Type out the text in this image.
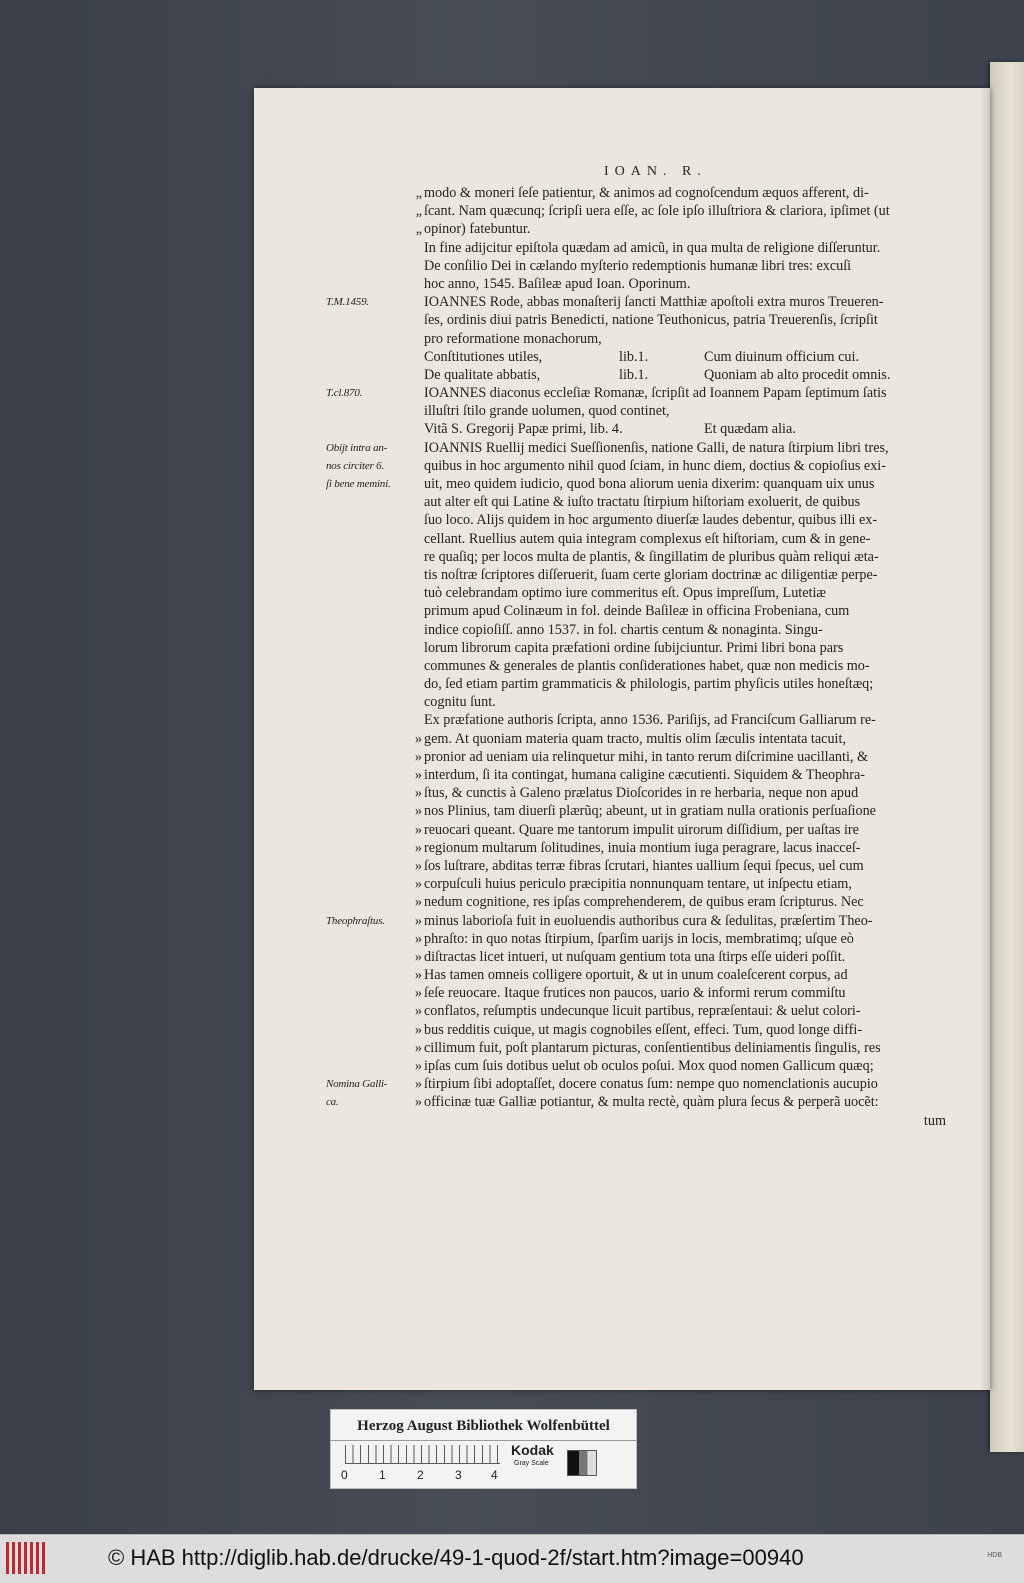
IOAN. R.
„ modo & moneri ſeſe patientur, & animos ad cognoſcendum æquos afferent, di-
„ ſcant. Nam quæcunq; ſcripſi uera eſſe, ac ſole ipſo illuſtriora & clariora, ipſimet (ut
„ opinor) fatebuntur.
In fine adijcitur epiſtola quædam ad amicũ, in qua multa de religione diſſeruntur.
De conſilio Dei in cælando myſterio redemptionis humanæ libri tres: excuſi
hoc anno, 1545. Baſileæ apud Ioan. Oporinum.
T.M.1459.	IOANNES Rode, abbas monaſterij ſancti Matthiæ apoſtoli extra muros Treueren-
ſes, ordinis diui patris Benedicti, natione Teuthonicus, patria Treuerenſis, ſcripſit
pro reformatione monachorum,
Conſtitutiones utiles,	lib.1.	Cum diuinum officium cui.
De qualitate abbatis,	lib.1.	Quoniam ab alto procedit omnis.
T.cl.870.	IOANNES diaconus eccleſiæ Romanæ, ſcripſit ad Ioannem Papam ſeptimum ſatis
illuſtri ſtilo grande uolumen, quod continet,
Vitã S. Gregorij Papæ primi, lib. 4.	Et quædam alia.
Obijt intra an-	IOANNIS Ruellij medici Sueſſionenſis, natione Galli, de natura ſtirpium libri tres,
nos circiter 6.	quibus in hoc argumento nihil quod ſciam, in hunc diem, doctius & copioſius exi-
ſi bene memini. uit, meo quidem iudicio, quod bona aliorum uenia dixerim: quanquam uix unus
aut alter eſt qui Latine & iuſto tractatu ſtirpium hiſtoriam exoluerit, de quibus
ſuo loco. Alijs quidem in hoc argumento diuerſæ laudes debentur, quibus illi ex-
cellant. Ruellius autem quia integram complexus eſt hiſtoriam, cum & in gene-
re quaſiq; per locos multa de plantis, & ſingillatim de pluribus quàm reliqui æta-
tis noſtræ ſcriptores diſſeruerit, ſuam certe gloriam doctrinæ ac diligentiæ perpe-
tuò celebrandam optimo iure commeritus eſt. Opus impreſſum, Lutetiæ
primum apud Colinæum in fol. deinde Baſileæ in officina Frobeniana, cum
indice copioſiſſ. anno 1537. in fol. chartis centum & nonaginta. Singu-
lorum librorum capita præfationi ordine ſubijciuntur. Primi libri bona pars
communes & generales de plantis conſiderationes habet, quæ non medicis mo-
do, ſed etiam partim grammaticis & philologis, partim phyſicis utiles honeſtæq;
cognitu ſunt.
Ex præfatione authoris ſcripta, anno 1536. Pariſijs, ad Franciſcum Galliarum re-
» gem. At quoniam materia quam tracto, multis olim ſæculis intentata tacuit,
» pronior ad ueniam uia relinquetur mihi, in tanto rerum diſcrimine uacillanti, &
» interdum, ſi ita contingat, humana caligine cæcutienti. Siquidem & Theophra-
» ſtus, & cunctis à Galeno prælatus Dioſcorides in re herbaria, neque non apud
» nos Plinius, tam diuerſi plærũq; abeunt, ut in gratiam nulla orationis perſuaſione
» reuocari queant. Quare me tantorum impulit uirorum diſſidium, per uaſtas ire
» regionum multarum ſolitudines, inuia montium iuga peragrare, lacus inacceſ-
» ſos luſtrare, abditas terræ fibras ſcrutari, hiantes uallium ſequi ſpecus, uel cum
» corpuſculi huius periculo præcipitia nonnunquam tentare, ut inſpectu etiam,
» nedum cognitione, res ipſas comprehenderem, de quibus eram ſcripturus. Nec
Theophraſtus.	» minus laborioſa fuit in euoluendis authoribus cura & ſedulitas, præſertim Theo-
» phraſto: in quo notas ſtirpium, ſparſim uarijs in locis, membratimq; uſque eò
» diſtractas licet intueri, ut nuſquam gentium tota una ſtirps eſſe uideri poſſit.
» Has tamen omneis colligere oportuit, & ut in unum coaleſcerent corpus, ad
» ſeſe reuocare. Itaque frutices non paucos, uario & informi rerum commiſtu
» conflatos, reſumptis undecunque licuit partibus, repræſentaui: & uelut colori-
» bus redditis cuique, ut magis cognobiles eſſent, effeci. Tum, quod longe diffi-
» cillimum fuit, poſt plantarum picturas, conſentientibus deliniamentis ſingulis, res
» ipſas cum ſuis dotibus uelut ob oculos poſui. Mox quod nomen Gallicum quæq;
Nomina Galli-	» ſtirpium ſibi adoptaſſet, docere conatus ſum: nempe quo nomenclationis aucupio
ca.	» officinæ tuæ Galliæ potiantur, & multa rectè, quàm plura ſecus & perperã uocẽt:
tum
Herzog August Bibliothek Wolfenbüttel
0	1	2	3 4
Kodak
Gray Scale
© HAB http://diglib.hab.de/drucke/49-1-quod-2f/start.htm?image=00940	HDB
